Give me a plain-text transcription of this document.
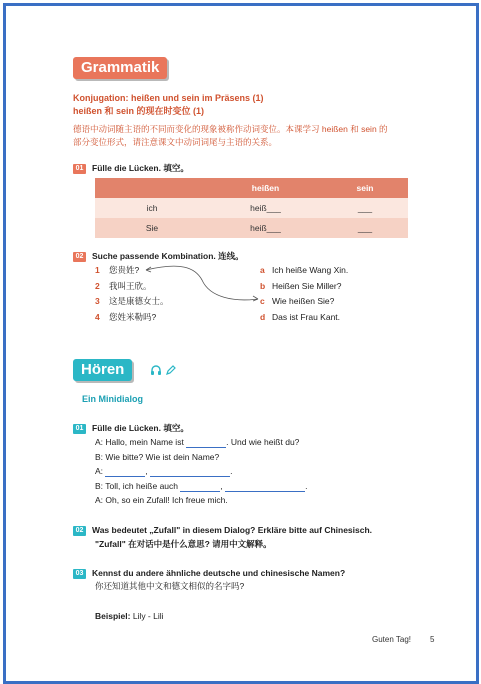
Grammatik
Konjugation: heißen und sein im Präsens (1)
heißen 和 sein 的现在时变位 (1)
德语中动词随主语的不同而变化的现象被称作动词变位。本课学习 heißen 和 sein 的
部分变位形式，请注意课文中动词词尾与主语的关系。
01 Fülle die Lücken. 填空。
	heißen	sein
ich	heiß___	___
Sie	heiß___	___
02 Suche passende Kombination. 连线。
1 您贵姓?
2 我叫王欣。
3 这是康德女士。
4 您姓米勒吗?
a Ich heiße Wang Xin.
b Heißen Sie Miller?
c Wie heißen Sie?
d Das ist Frau Kant.
Hören
Ein Minidialog
01 Fülle die Lücken. 填空。
A: Hallo, mein Name ist	. Und wie heißt du?
B: Wie bitte? Wie ist dein Name?
A:	,	.
B: Toll, ich heiße auch	,	.
A: Oh, so ein Zufall! Ich freue mich.
02 Was bedeutet „Zufall" in diesem Dialog? Erkläre bitte auf Chinesisch.
"Zufall" 在对话中是什么意思? 请用中文解释。
03 Kennst du andere ähnliche deutsche und chinesische Namen?
你还知道其他中文和德文相似的名字吗?
Beispiel: Lily - Lili
Guten Tag! 5
